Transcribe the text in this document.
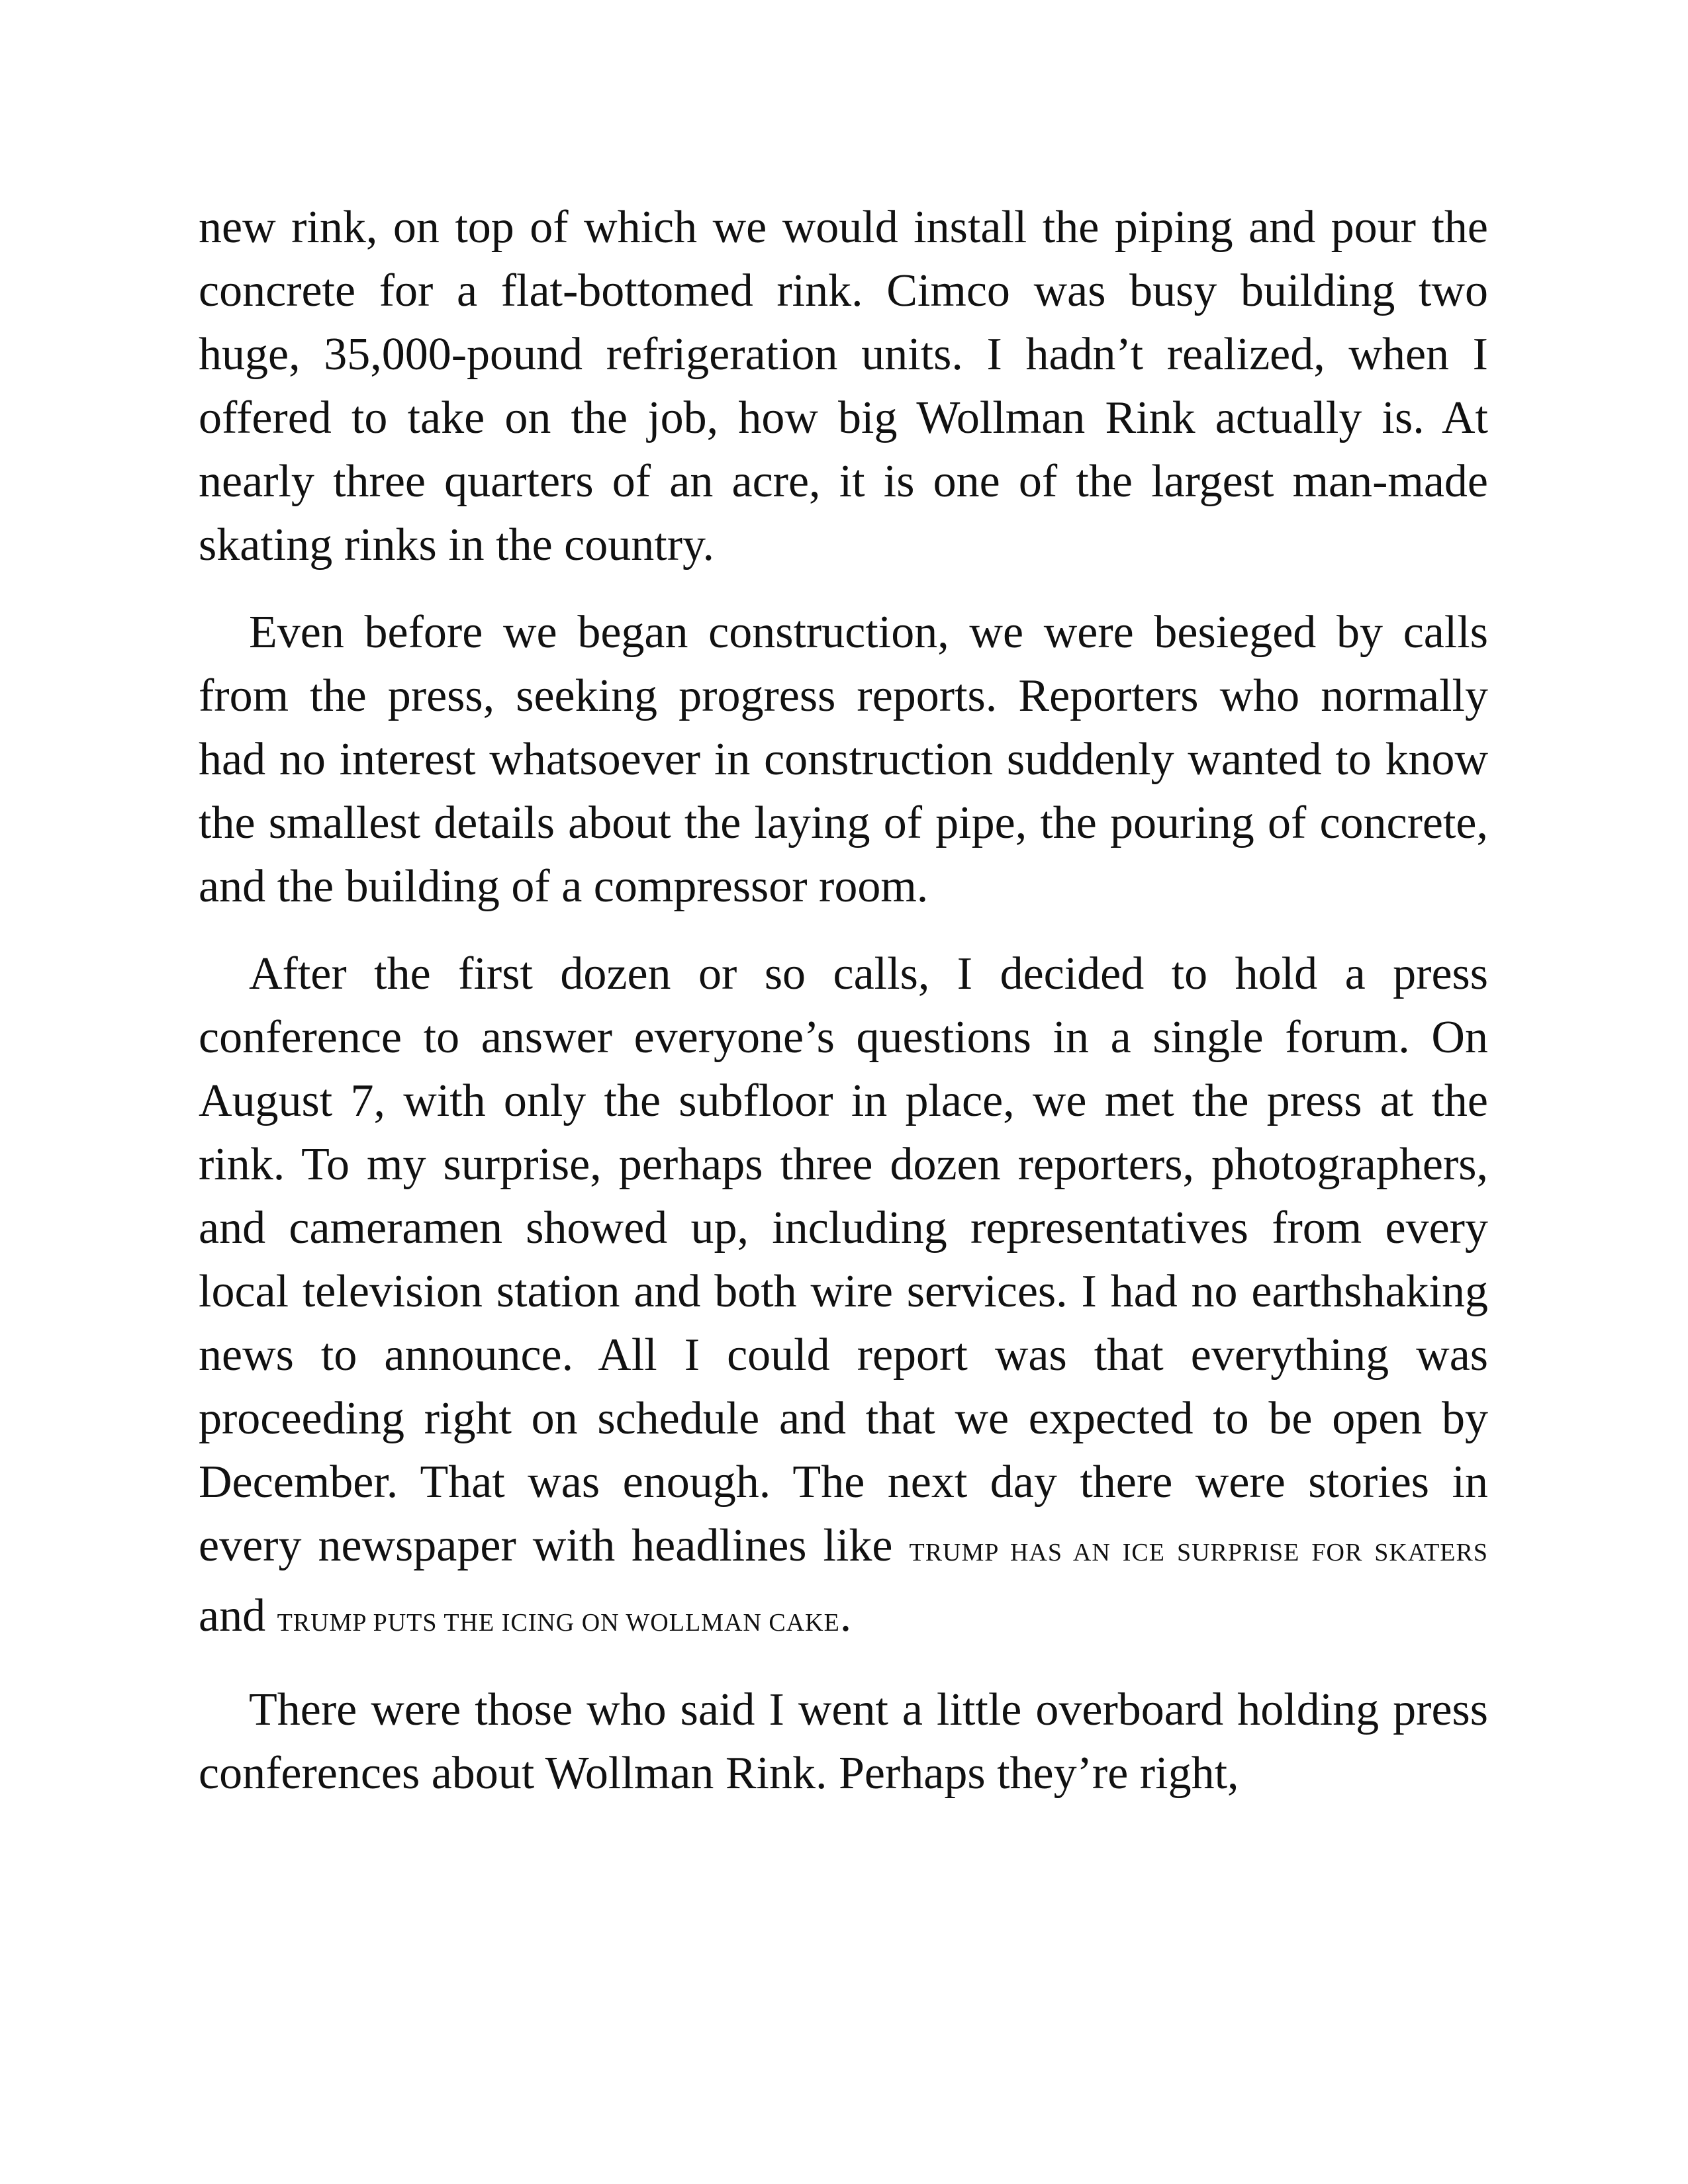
new rink, on top of which we would install the piping and pour the concrete for a flat-bottomed rink. Cimco was busy building two huge, 35,000-pound refrigeration units. I hadn’t realized, when I offered to take on the job, how big Wollman Rink actually is. At nearly three quarters of an acre, it is one of the largest man-made skating rinks in the country.

Even before we began construction, we were besieged by calls from the press, seeking progress reports. Reporters who normally had no interest whatsoever in construction suddenly wanted to know the smallest details about the laying of pipe, the pouring of concrete, and the building of a compressor room.

After the first dozen or so calls, I decided to hold a press conference to answer everyone’s questions in a single forum. On August 7, with only the subfloor in place, we met the press at the rink. To my surprise, perhaps three dozen reporters, photographers, and cameramen showed up, including representatives from every local television station and both wire services. I had no earthshaking news to announce. All I could report was that everything was proceeding right on schedule and that we expected to be open by December. That was enough. The next day there were stories in every newspaper with headlines like TRUMP HAS AN ICE SURPRISE FOR SKATERS and TRUMP PUTS THE ICING ON WOLLMAN CAKE.

There were those who said I went a little overboard holding press conferences about Wollman Rink. Perhaps they’re right,
